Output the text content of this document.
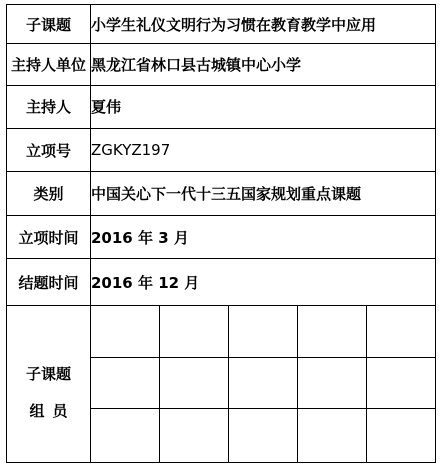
子课题	小学生礼仪文明行为习惯在教育教学中应用				
主持人单位	黑龙江省林口县古城镇中心小学				
主持人	夏伟				
立项号	ZGKYZ197				
类别	中国关心下一代十三五国家规划重点课题				
立项时间	2016 年 3 月				
结题时间	2016 年 12 月				

子课题
组员					
